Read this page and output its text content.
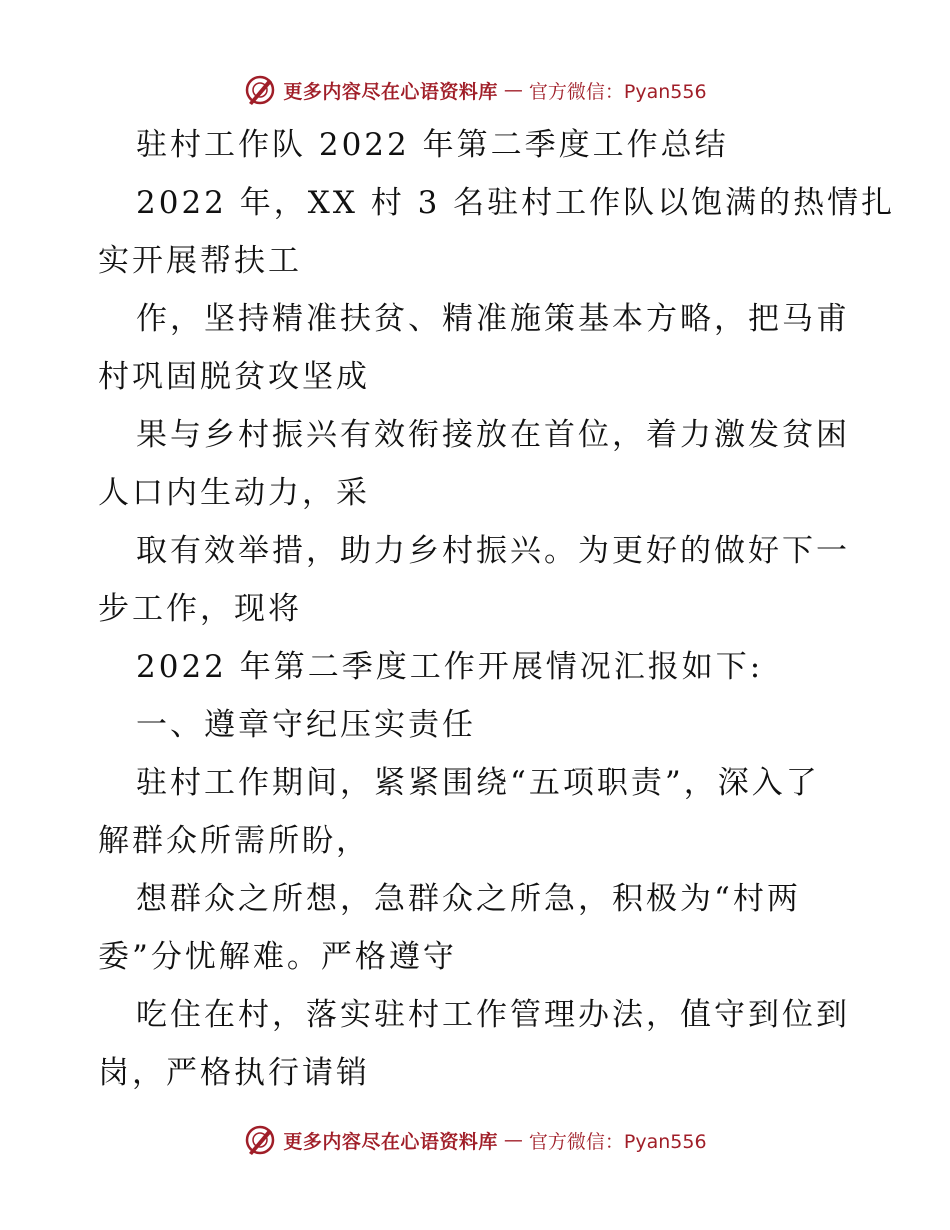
更多内容尽在心语资料库 — 官方微信：Pyan556
驻村工作队 2022 年第二季度工作总结
2022 年，XX 村 3 名驻村工作队以饱满的热情扎
实开展帮扶工
作，坚持精准扶贫、精准施策基本方略，把马甫
村巩固脱贫攻坚成
果与乡村振兴有效衔接放在首位，着力激发贫困
人口内生动力，采
取有效举措，助力乡村振兴。为更好的做好下一
步工作，现将
2022 年第二季度工作开展情况汇报如下:
一、遵章守纪压实责任
驻村工作期间，紧紧围绕“五项职责”，深入了
解群众所需所盼，
想群众之所想，急群众之所急，积极为“村两
委”分忧解难。严格遵守
吃住在村，落实驻村工作管理办法，值守到位到
岗，严格执行请销
更多内容尽在心语资料库 — 官方微信：Pyan556
